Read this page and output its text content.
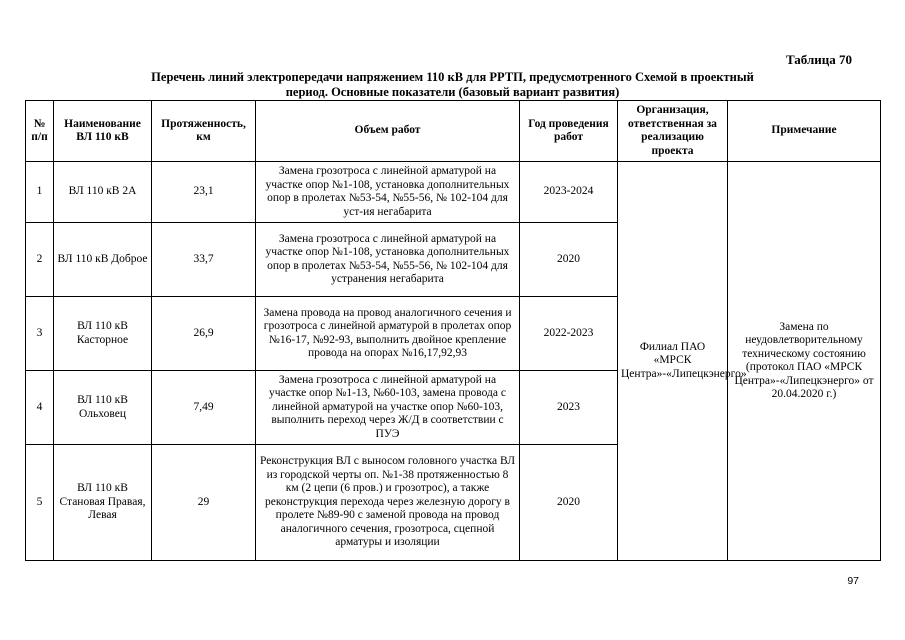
Таблица 70
Перечень линий электропередачи напряжением 110 кВ для РРТП, предусмотренного Схемой в проектный
период. Основные показатели (базовый вариант развития)
№ п/п	Наименование ВЛ 110 кВ	Протяженность, км	Объем работ	Год проведения работ	Организация, ответственная за реализацию проекта	Примечание
1	ВЛ 110 кВ 2А	23,1	Замена грозотроса с линейной арматурой на участке опор №1-108, установка дополнительных опор в пролетах №53-54, №55-56, № 102-104 для уст-ия негабарита	2023-2024	Филиал ПАО «МРСК Центра»-«Липецкэнерго»	Замена по неудовлетворительному техническому состоянию (протокол ПАО «МРСК Центра»-«Липецкэнерго» от 20.04.2020 г.)
2	ВЛ 110 кВ Доброе	33,7	Замена грозотроса с линейной арматурой на участке опор №1-108, установка дополнительных опор в пролетах №53-54, №55-56, № 102-104 для устранения негабарита	2020		
3	ВЛ 110 кВ Касторное	26,9	Замена провода на провод аналогичного сечения и грозотроса с линейной арматурой в пролетах опор №16-17, №92-93, выполнить двойное крепление провода на опорах №16,17,92,93	2022-2023		
4	ВЛ 110 кВ Ольховец	7,49	Замена грозотроса с линейной арматурой на участке опор №1-13, №60-103, замена провода с линейной арматурой на участке опор №60-103, выполнить переход через Ж/Д в соответствии с ПУЭ	2023		
5	ВЛ 110 кВ Становая Правая, Левая	29	Реконструкция ВЛ с выносом головного участка ВЛ из городской черты оп. №1-38 протяженностью 8 км (2 цепи (6 пров.) и грозотрос), а также реконструкция перехода через железную дорогу в пролете №89-90 с заменой провода на провод аналогичного сечения, грозотроса, сцепной арматуры и изоляции	2020		
97
